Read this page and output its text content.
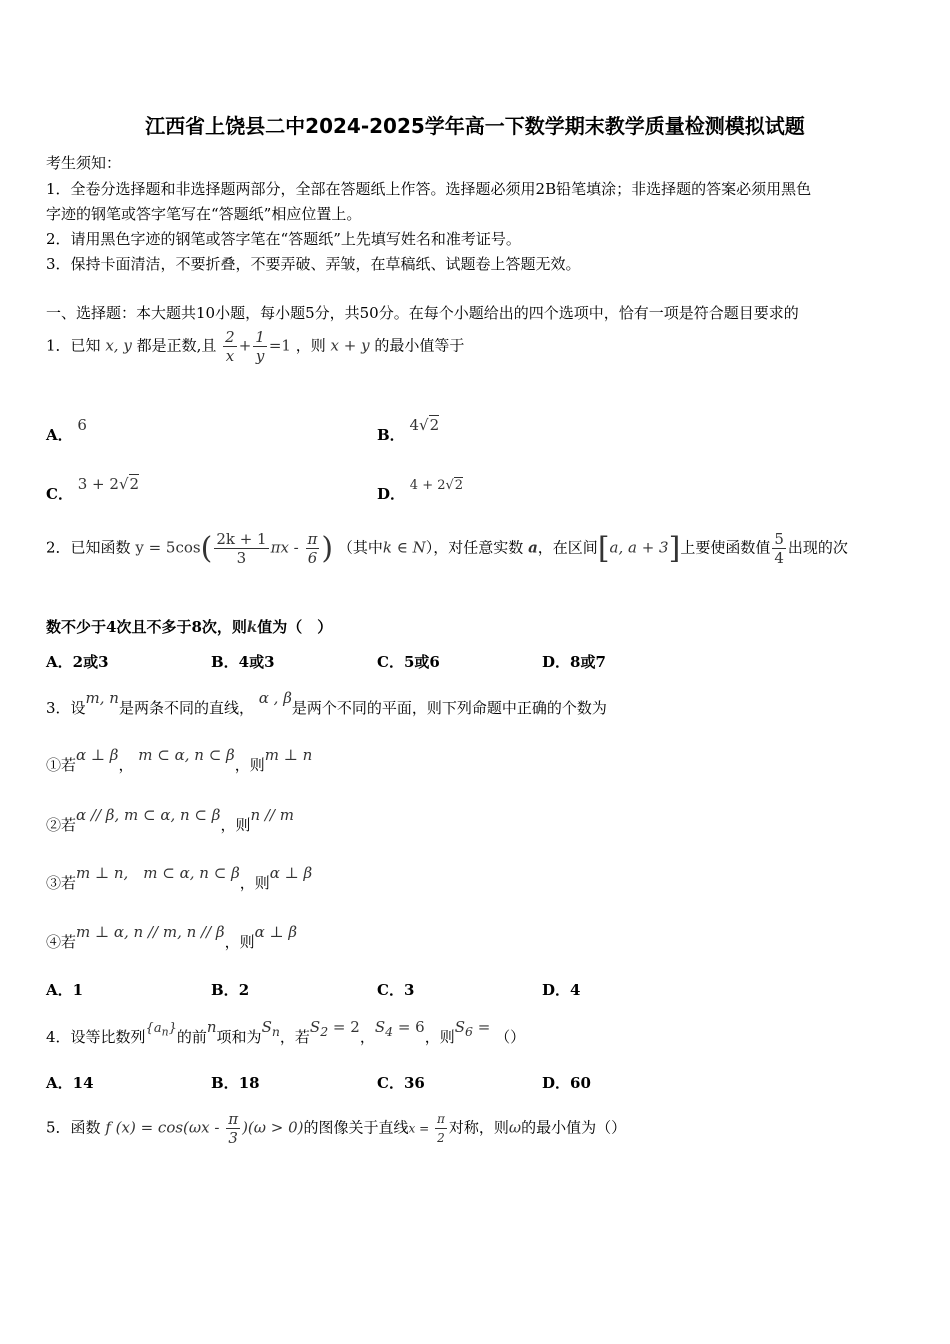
江西省上饶县二中2024-2025学年高一下数学期末教学质量检测模拟试题
考生须知：
1．全卷分选择题和非选择题两部分，全部在答题纸上作答。选择题必须用2B铅笔填涂；非选择题的答案必须用黑色
字迹的钢笔或答字笔写在“答题纸”相应位置上。
2．请用黑色字迹的钢笔或答字笔在“答题纸”上先填写姓名和准考证号。
3．保持卡面清洁，不要折叠，不要弄破、弄皱，在草稿纸、试题卷上答题无效。
一、选择题：本大题共10小题，每小题5分，共50分。在每个小题给出的四个选项中，恰有一项是符合题目要求的
1．已知 x, y 都是正数,且 $\frac{2}{x} + \frac{1}{y} =1$ ，则 x + y 的最小值等于
A． 6
B． 4√2
C． 3 + 2√2
D． 4 + 2√2
2．已知函数 $y = 5\cos( \frac{2k + 1}{3}$ πx - $\frac{\pi}{6}$ ) （其中k ∈ N），对任意实数 a，在区间[a, a + 3]上要使函数值 $\frac{5}{4}$ 出现的次
数不少于4次且不多于8次，则k值为（　）
A．2或3	B．4或3	C．5或6	D．8或7
3．设m, n是两条不同的直线， α , β是两个不同的平面，则下列命题中正确的个数为
①若α ⊥ β， m ⊂ α, n ⊂ β，则m ⊥ n
②若α // β, m ⊂ α, n ⊂ β，则n // m
③若m ⊥ n,　m ⊂ α, n ⊂ β，则α ⊥ β
④若m ⊥ α, n // m, n // β，则α ⊥ β
A．1	B．2	C．3	D．4
4．设等比数列$\{a_n\}$的前n项和为$S_n$，若$S_2 = 2$，$S_4 = 6$，则$S_6$ = （）
A．14	B．18	C．36	D．60
5．函数 f $(x) = \cos(\omega x - \frac{\pi}{3} )(\omega > 0)$的图像关于直线$x = \frac{\pi}{2}$ 对称，则ω的最小值为（）
